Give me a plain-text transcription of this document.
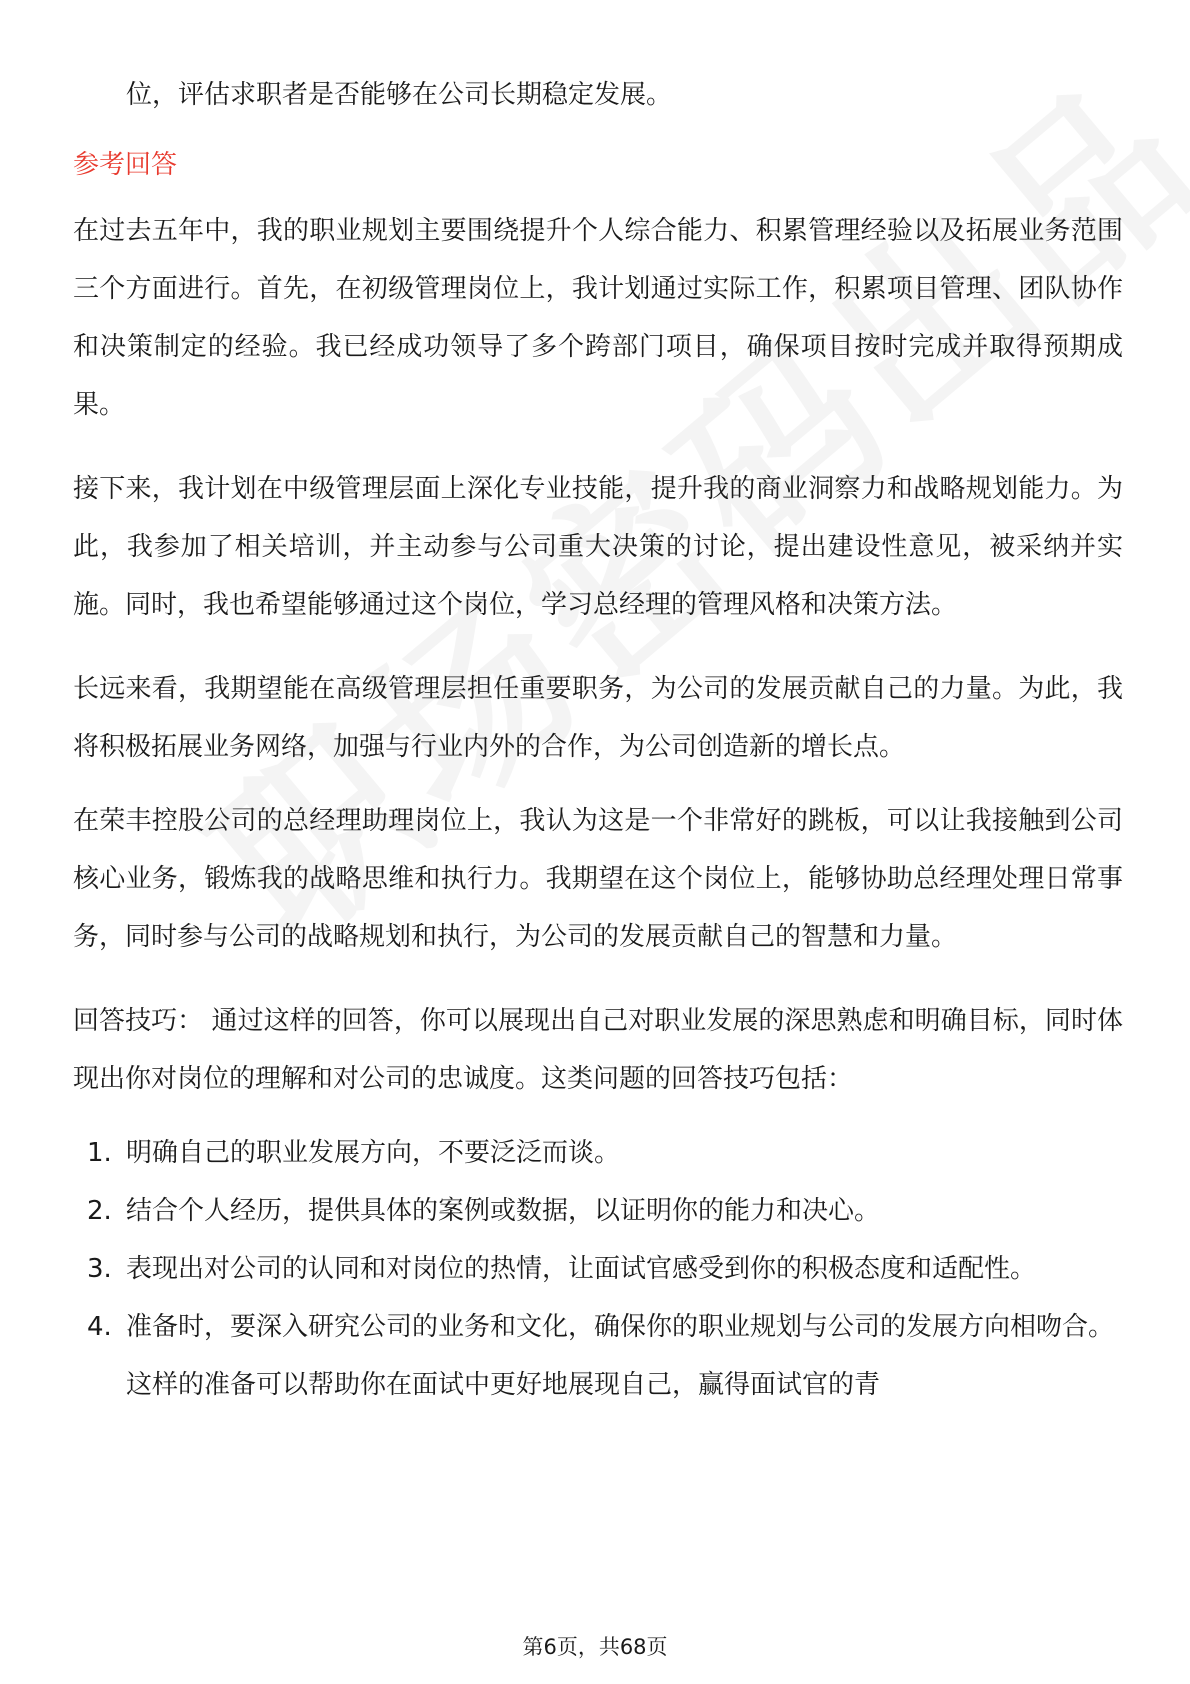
位，评估求职者是否能够在公司长期稳定发展。

参考回答

在过去五年中，我的职业规划主要围绕提升个人综合能力、积累管理经验以及拓展业务范围三个方面进行。首先，在初级管理岗位上，我计划通过实际工作，积累项目管理、团队协作和决策制定的经验。我已经成功领导了多个跨部门项目，确保项目按时完成并取得预期成果。

接下来，我计划在中级管理层面上深化专业技能，提升我的商业洞察力和战略规划能力。为此，我参加了相关培训，并主动参与公司重大决策的讨论，提出建设性意见，被采纳并实施。同时，我也希望能够通过这个岗位，学习总经理的管理风格和决策方法。

长远来看，我期望能在高级管理层担任重要职务，为公司的发展贡献自己的力量。为此，我将积极拓展业务网络，加强与行业内外的合作，为公司创造新的增长点。

在荣丰控股公司的总经理助理岗位上，我认为这是一个非常好的跳板，可以让我接触到公司核心业务，锻炼我的战略思维和执行力。我期望在这个岗位上，能够协助总经理处理日常事务，同时参与公司的战略规划和执行，为公司的发展贡献自己的智慧和力量。

回答技巧： 通过这样的回答，你可以展现出自己对职业发展的深思熟虑和明确目标，同时体现出你对岗位的理解和对公司的忠诚度。这类问题的回答技巧包括：

1. 明确自己的职业发展方向，不要泛泛而谈。
2. 结合个人经历，提供具体的案例或数据，以证明你的能力和决心。
3. 表现出对公司的认同和对岗位的热情，让面试官感受到你的积极态度和适配性。
4. 准备时，要深入研究公司的业务和文化，确保你的职业规划与公司的发展方向相吻合。这样的准备可以帮助你在面试中更好地展现自己，赢得面试官的青
第6页，共68页
